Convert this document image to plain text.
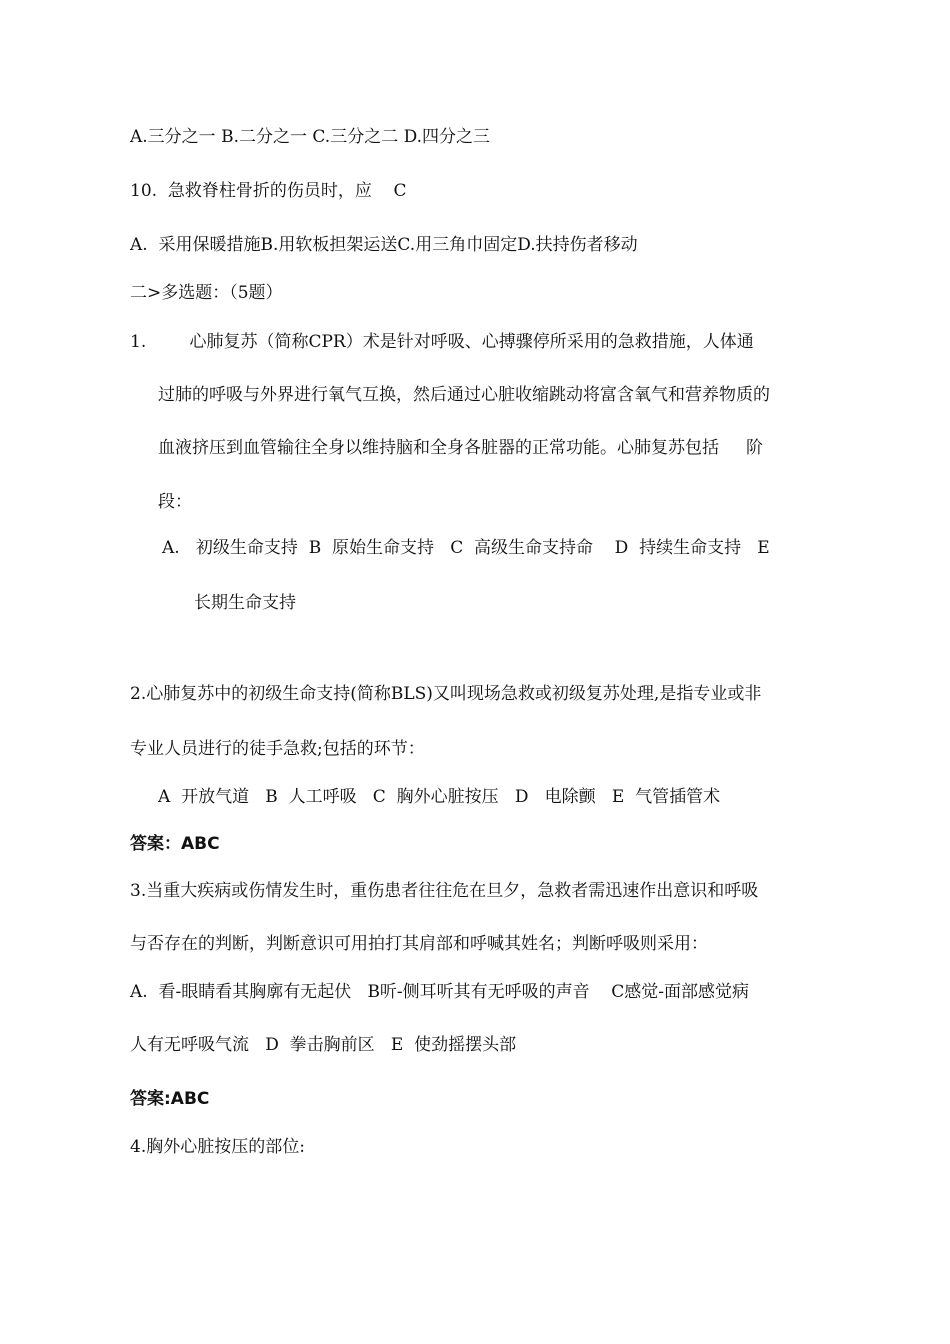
A.三分之一 B.二分之一 C.三分之二 D.四分之三
10.  急救脊柱骨折的伤员时，应    C
A.  采用保暖措施B.用软板担架运送C.用三角巾固定D.扶持伤者移动
二>多选题：（5题）
1.        心肺复苏（简称CPR）术是针对呼吸、心搏骤停所采用的急救措施，人体通
过肺的呼吸与外界进行氧气互换，然后通过心脏收缩跳动将富含氧气和营养物质的
血液挤压到血管输往全身以维持脑和全身各脏器的正常功能。心肺复苏包括     阶
段：
A.   初级生命支持  B  原始生命支持   C  高级生命支持命    D  持续生命支持   E
长期生命支持
2.心肺复苏中的初级生命支持(简称BLS)又叫现场急救或初级复苏处理,是指专业或非
专业人员进行的徒手急救;包括的环节：
A  开放气道   B  人工呼吸   C  胸外心脏按压   D   电除颤   E  气管插管术
答案：ABC
3.当重大疾病或伤情发生时，重伤患者往往危在旦夕，急救者需迅速作出意识和呼吸
与否存在的判断，判断意识可用拍打其肩部和呼喊其姓名；判断呼吸则采用：
A.  看-眼睛看其胸廓有无起伏   B听-侧耳听其有无呼吸的声音    C感觉-面部感觉病
人有无呼吸气流   D  拳击胸前区   E  使劲摇摆头部
答案:ABC
4.胸外心脏按压的部位:
